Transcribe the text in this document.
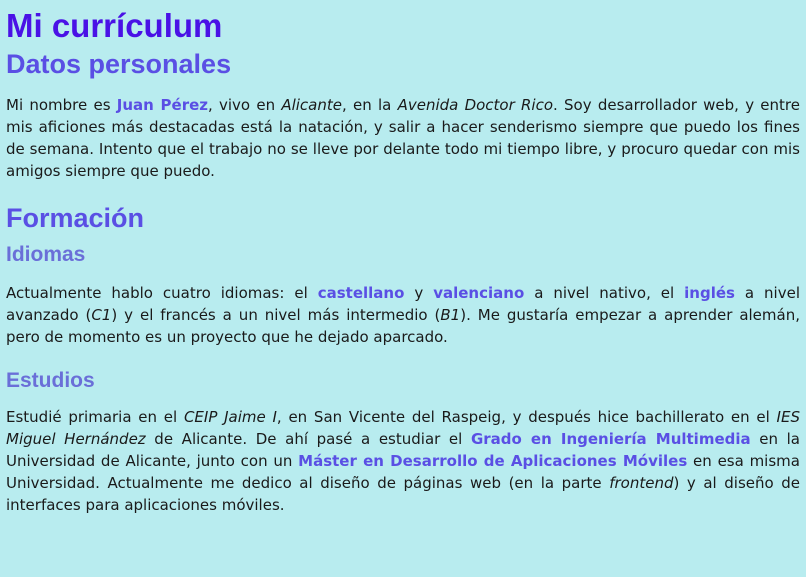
Mi currículum
Datos personales

Mi nombre es Juan Pérez, vivo en Alicante, en la Avenida Doctor Rico. Soy desarrollador web, y entre mis aficiones más destacadas está la natación, y salir a hacer senderismo siempre que puedo los fines de semana. Intento que el trabajo no se lleve por delante todo mi tiempo libre, y procuro quedar con mis amigos siempre que puedo.

Formación
Idiomas

Actualmente hablo cuatro idiomas: el castellano y valenciano a nivel nativo, el inglés a nivel avanzado (C1) y el francés a un nivel más intermedio (B1). Me gustaría empezar a aprender alemán, pero de momento es un proyecto que he dejado aparcado.

Estudios

Estudié primaria en el CEIP Jaime I, en San Vicente del Raspeig, y después hice bachillerato en el IES Miguel Hernández de Alicante. De ahí pasé a estudiar el Grado en Ingeniería Multimedia en la Universidad de Alicante, junto con un Máster en Desarrollo de Aplicaciones Móviles en esa misma Universidad. Actualmente me dedico al diseño de páginas web (en la parte frontend) y al diseño de interfaces para aplicaciones móviles.
